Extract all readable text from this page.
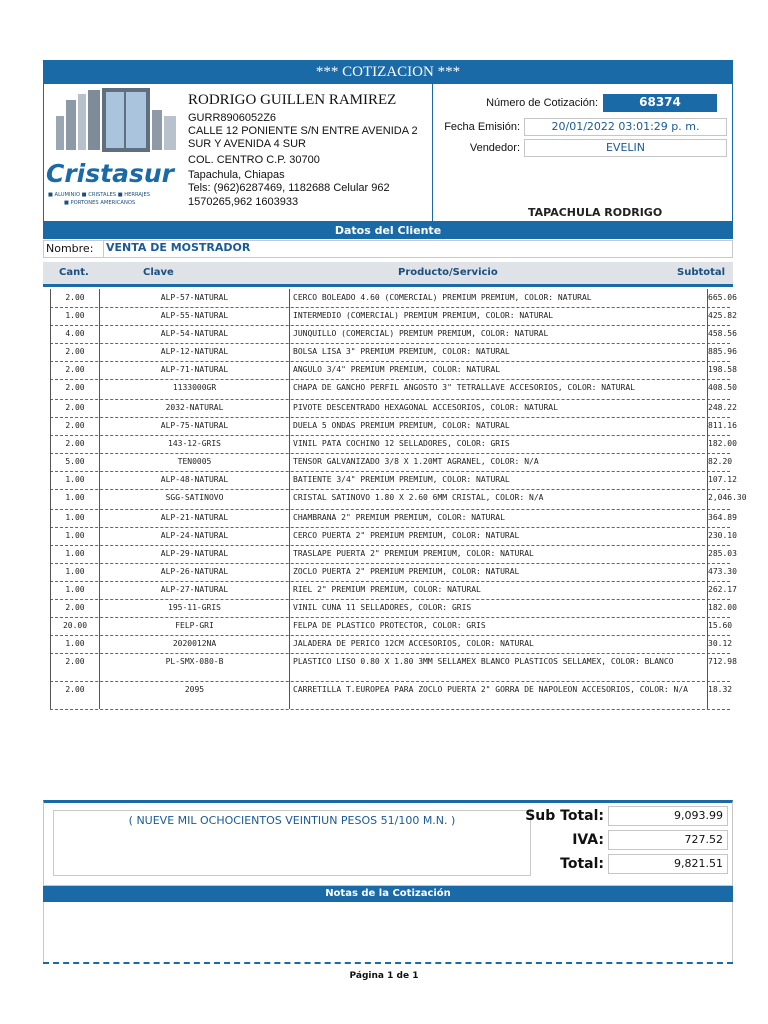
*** COTIZACION ***
Cristasur
■ ALUMINIO ■ CRISTALES ■ HERRAJES
■ PORTONES AMERICANOS
RODRIGO GUILLEN RAMIREZ
GURR8906052Z6
CALLE 12 PONIENTE S/N ENTRE AVENIDA 2
SUR Y AVENIDA 4 SUR
COL. CENTRO C.P. 30700
Tapachula, Chiapas
Tels: (962)6287469, 1182688 Celular 962
1570265,962 1603933
Número de Cotización:	68374
Fecha Emisión:	20/01/2022 03:01:29 p. m.
Vendedor:	EVELIN
TAPACHULA RODRIGO
Datos del Cliente
Nombre: VENTA DE MOSTRADOR
Cant.	Clave	Producto/Servicio	Subtotal
2.00	ALP-57-NATURAL	CERCO BOLEADO 4.60 (COMERCIAL) PREMIUM PREMIUM, COLOR: NATURAL	665.06
1.00	ALP-55-NATURAL	INTERMEDIO (COMERCIAL) PREMIUM PREMIUM, COLOR: NATURAL	425.82
4.00	ALP-54-NATURAL	JUNQUILLO (COMERCIAL) PREMIUM PREMIUM, COLOR: NATURAL	458.56
2.00	ALP-12-NATURAL	BOLSA LISA 3" PREMIUM PREMIUM, COLOR: NATURAL	885.96
2.00	ALP-71-NATURAL	ANGULO 3/4" PREMIUM PREMIUM, COLOR: NATURAL	198.58
2.00	1133000GR	CHAPA DE GANCHO PERFIL ANGOSTO 3" TETRALLAVE ACCESORIOS, COLOR: NATURAL	408.50
2.00	2032-NATURAL	PIVOTE DESCENTRADO HEXAGONAL ACCESORIOS, COLOR: NATURAL	248.22
2.00	ALP-75-NATURAL	DUELA 5 ONDAS PREMIUM PREMIUM, COLOR: NATURAL	811.16
2.00	143-12-GRIS	VINIL PATA COCHINO 12 SELLADORES, COLOR: GRIS	182.00
5.00	TEN0005	TENSOR GALVANIZADO 3/8 X 1.20MT AGRANEL, COLOR: N/A	82.20
1.00	ALP-48-NATURAL	BATIENTE 3/4" PREMIUM PREMIUM, COLOR: NATURAL	107.12
1.00	SGG-SATINOVO	CRISTAL SATINOVO 1.80 X 2.60 6MM CRISTAL, COLOR: N/A	2,046.30
1.00	ALP-21-NATURAL	CHAMBRANA 2" PREMIUM PREMIUM, COLOR: NATURAL	364.89
1.00	ALP-24-NATURAL	CERCO PUERTA 2" PREMIUM PREMIUM, COLOR: NATURAL	230.10
1.00	ALP-29-NATURAL	TRASLAPE PUERTA 2" PREMIUM PREMIUM, COLOR: NATURAL	285.03
1.00	ALP-26-NATURAL	ZOCLO PUERTA 2" PREMIUM PREMIUM, COLOR: NATURAL	473.30
1.00	ALP-27-NATURAL	RIEL 2" PREMIUM PREMIUM, COLOR: NATURAL	262.17
2.00	195-11-GRIS	VINIL CUNA 11 SELLADORES, COLOR: GRIS	182.00
20.00	FELP-GRI	FELPA DE PLASTICO PROTECTOR, COLOR: GRIS	15.60
1.00	2020012NA	JALADERA DE PERICO 12CM ACCESORIOS, COLOR: NATURAL	30.12
2.00	PL-SMX-080-B	PLASTICO LISO 0.80 X 1.80 3MM SELLAMEX BLANCO PLASTICOS SELLAMEX, COLOR: BLANCO	712.98
2.00	2095	CARRETILLA T.EUROPEA PARA ZOCLO PUERTA 2" GORRA DE NAPOLEON ACCESORIOS, COLOR: N/A	18.32
( NUEVE MIL OCHOCIENTOS VEINTIUN PESOS 51/100 M.N. )	Sub Total:	9,093.99
IVA:	727.52
Total:	9,821.51
Notas de la Cotización
Página 1 de 1
